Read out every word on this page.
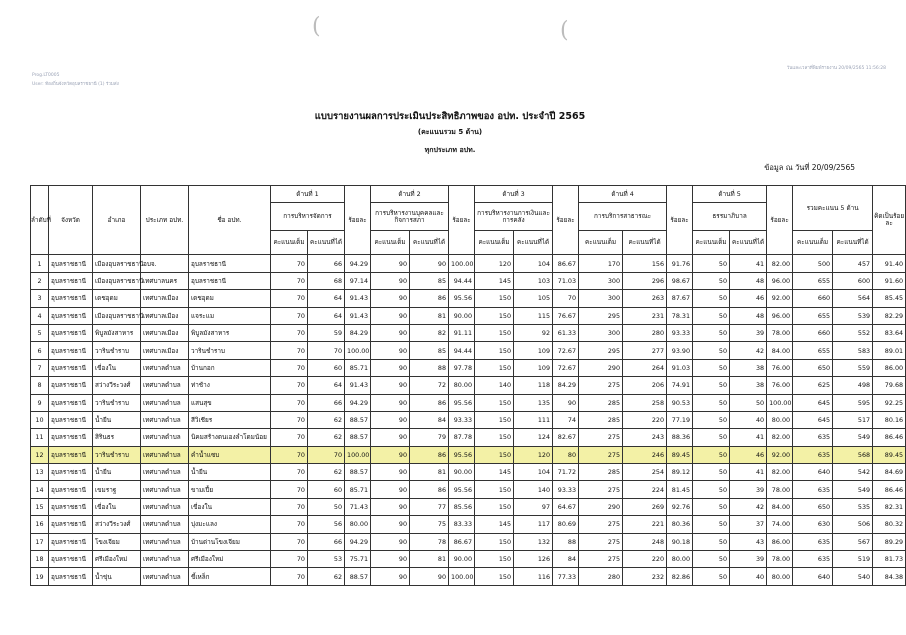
(	(
วันและเวลาที่พิมพ์รายงาน 20/09/2565 11:56:28
Prog.LT0005
User: ท้องถิ่นจังหวัดอุบลราชธานี (1) ร่วมส่ง
แบบรายงานผลการประเมินประสิทธิภาพของ อปท. ประจำปี 2565
(คะแนนรวม 5 ด้าน)
ทุกประเภท อปท.
ข้อมูล ณ วันที่ 20/09/2565
ลำดับที่	จังหวัด	อำเภอ	ประเภท อปท.	ชื่อ อปท.	ด้านที่ 1		ร้อยละ	ด้านที่ 2		ร้อยละ	ด้านที่ 3		ร้อยละ	ด้านที่ 4		ร้อยละ	ด้านที่ 5		ร้อยละ	รวมคะแนน 5 ด้าน		คิดเป็นร้อยละ
					การบริหารจัดการ			การบริหารงานบุคคลและกิจการสภา			การบริหารงานการเงินและการคลัง			การบริการสาธารณะ			ธรรมาภิบาล					
					คะแนนเต็ม	คะแนนที่ได้		คะแนนเต็ม	คะแนนที่ได้		คะแนนเต็ม	คะแนนที่ได้		คะแนนเต็ม	คะแนนที่ได้		คะแนนเต็ม	คะแนนที่ได้		คะแนนเต็ม	คะแนนที่ได้	
1	อุบลราชธานี	เมืองอุบลราชธานี	อบจ.	อุบลราชธานี	70	66	94.29	90	90	100.00	120	104	86.67	170	156	91.76	50	41	82.00	500	457	91.40
2	อุบลราชธานี	เมืองอุบลราชธานี	เทศบาลนคร	อุบลราชธานี	70	68	97.14	90	85	94.44	145	103	71.03	300	296	98.67	50	48	96.00	655	600	91.60
3	อุบลราชธานี	เดชอุดม	เทศบาลเมือง	เดชอุดม	70	64	91.43	90	86	95.56	150	105	70	300	263	87.67	50	46	92.00	660	564	85.45
4	อุบลราชธานี	เมืองอุบลราชธานี	เทศบาลเมือง	แจระแม	70	64	91.43	90	81	90.00	150	115	76.67	295	231	78.31	50	48	96.00	655	539	82.29
5	อุบลราชธานี	พิบูลมังสาหาร	เทศบาลเมือง	พิบูลมังสาหาร	70	59	84.29	90	82	91.11	150	92	61.33	300	280	93.33	50	39	78.00	660	552	83.64
6	อุบลราชธานี	วารินชำราบ	เทศบาลเมือง	วารินชำราบ	70	70	100.00	90	85	94.44	150	109	72.67	295	277	93.90	50	42	84.00	655	583	89.01
7	อุบลราชธานี	เขื่องใน	เทศบาลตำบล	บ้านกอก	70	60	85.71	90	88	97.78	150	109	72.67	290	264	91.03	50	38	76.00	650	559	86.00
8	อุบลราชธานี	สว่างวีระวงศ์	เทศบาลตำบล	ท่าช้าง	70	64	91.43	90	72	80.00	140	118	84.29	275	206	74.91	50	38	76.00	625	498	79.68
9	อุบลราชธานี	วารินชำราบ	เทศบาลตำบล	แสนสุข	70	66	94.29	90	86	95.56	150	135	90	285	258	90.53	50	50	100.00	645	595	92.25
10	อุบลราชธานี	น้ำยืน	เทศบาลตำบล	สีวิเชียร	70	62	88.57	90	84	93.33	150	111	74	285	220	77.19	50	40	80.00	645	517	80.16
11	อุบลราชธานี	สิรินธร	เทศบาลตำบล	นิคมสร้างตนเองลำโดมน้อย	70	62	88.57	90	79	87.78	150	124	82.67	275	243	88.36	50	41	82.00	635	549	86.46
12	อุบลราชธานี	วารินชำราบ	เทศบาลตำบล	คำน้ำแซบ	70	70	100.00	90	86	95.56	150	120	80	275	246	89.45	50	46	92.00	635	568	89.45
13	อุบลราชธานี	น้ำยืน	เทศบาลตำบล	น้ำยืน	70	62	88.57	90	81	90.00	145	104	71.72	285	254	89.12	50	41	82.00	640	542	84.69
14	อุบลราชธานี	เขมราฐ	เทศบาลตำบล	ขามเปี้ย	70	60	85.71	90	86	95.56	150	140	93.33	275	224	81.45	50	39	78.00	635	549	86.46
15	อุบลราชธานี	เขื่องใน	เทศบาลตำบล	เขื่องใน	70	50	71.43	90	77	85.56	150	97	64.67	290	269	92.76	50	42	84.00	650	535	82.31
16	อุบลราชธานี	สว่างวีระวงศ์	เทศบาลตำบล	บุ่งมะแลง	70	56	80.00	90	75	83.33	145	117	80.69	275	221	80.36	50	37	74.00	630	506	80.32
17	อุบลราชธานี	โขงเจียม	เทศบาลตำบล	บ้านด่านโขงเจียม	70	66	94.29	90	78	86.67	150	132	88	275	248	90.18	50	43	86.00	635	567	89.29
18	อุบลราชธานี	ศรีเมืองใหม่	เทศบาลตำบล	ศรีเมืองใหม่	70	53	75.71	90	81	90.00	150	126	84	275	220	80.00	50	39	78.00	635	519	81.73
19	อุบลราชธานี	น้ำขุ่น	เทศบาลตำบล	ขี้เหล็ก	70	62	88.57	90	90	100.00	150	116	77.33	280	232	82.86	50	40	80.00	640	540	84.38
